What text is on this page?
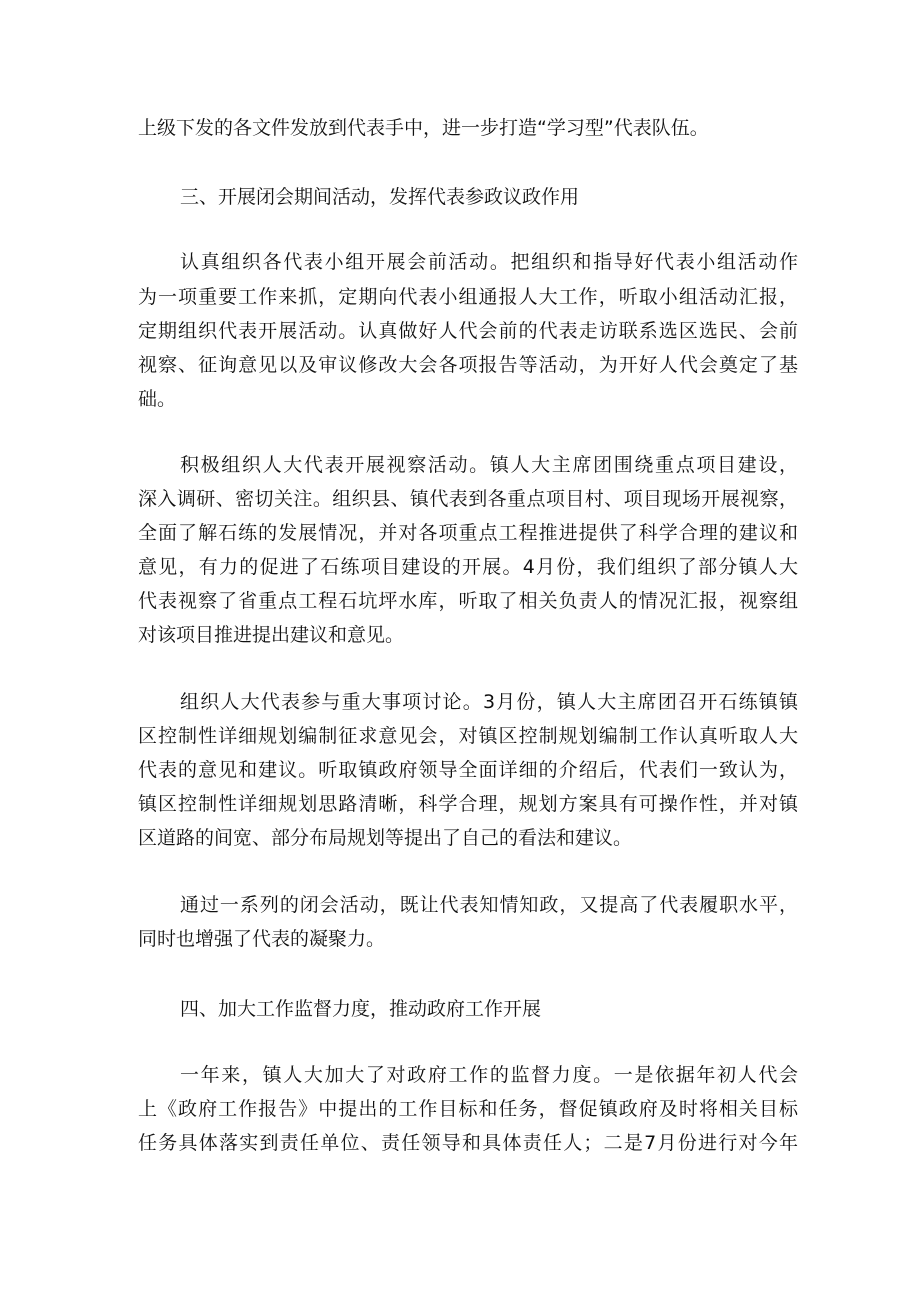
上级下发的各文件发放到代表手中，进一步打造“学习型”代表队伍。
三、开展闭会期间活动，发挥代表参政议政作用
认真组织各代表小组开展会前活动。把组织和指导好代表小组活动作
为一项重要工作来抓，定期向代表小组通报人大工作，听取小组活动汇报，
定期组织代表开展活动。认真做好人代会前的代表走访联系选区选民、会前
视察、征询意见以及审议修改大会各项报告等活动，为开好人代会奠定了基
础。
积极组织人大代表开展视察活动。镇人大主席团围绕重点项目建设，
深入调研、密切关注。组织县、镇代表到各重点项目村、项目现场开展视察，
全面了解石练的发展情况，并对各项重点工程推进提供了科学合理的建议和
意见，有力的促进了石练项目建设的开展。4月份，我们组织了部分镇人大
代表视察了省重点工程石坑坪水库，听取了相关负责人的情况汇报，视察组
对该项目推进提出建议和意见。
组织人大代表参与重大事项讨论。3月份，镇人大主席团召开石练镇镇
区控制性详细规划编制征求意见会，对镇区控制规划编制工作认真听取人大
代表的意见和建议。听取镇政府领导全面详细的介绍后，代表们一致认为，
镇区控制性详细规划思路清晰，科学合理，规划方案具有可操作性，并对镇
区道路的间宽、部分布局规划等提出了自己的看法和建议。
通过一系列的闭会活动，既让代表知情知政，又提高了代表履职水平，
同时也增强了代表的凝聚力。
四、加大工作监督力度，推动政府工作开展
一年来，镇人大加大了对政府工作的监督力度。一是依据年初人代会
上《政府工作报告》中提出的工作目标和任务，督促镇政府及时将相关目标
任务具体落实到责任单位、责任领导和具体责任人；二是7月份进行对今年
